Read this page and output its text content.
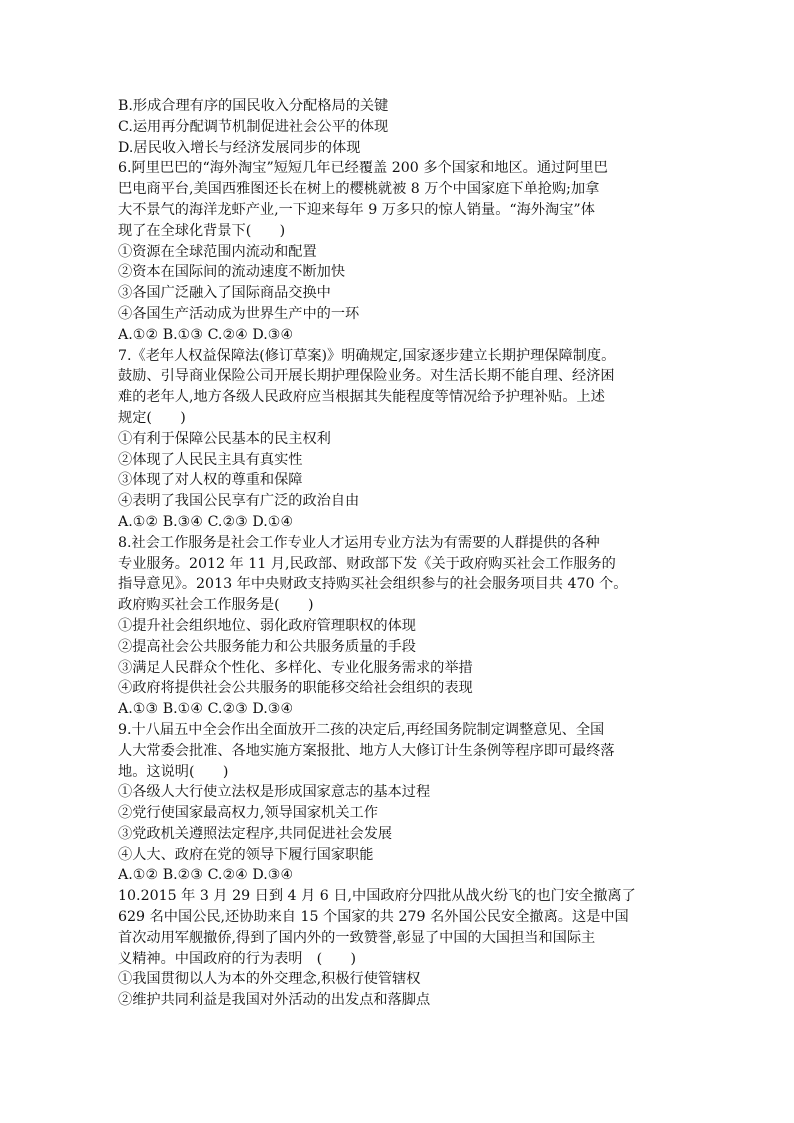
B.形成合理有序的国民收入分配格局的关键
C.运用再分配调节机制促进社会公平的体现
D.居民收入增长与经济发展同步的体现
6.阿里巴巴的“海外淘宝”短短几年已经覆盖 200 多个国家和地区。通过阿里巴
巴电商平台,美国西雅图还长在树上的樱桃就被 8 万个中国家庭下单抢购;加拿
大不景气的海洋龙虾产业,一下迎来每年 9 万多只的惊人销量。“海外淘宝”体
现了在全球化背景下(　　)
①资源在全球范围内流动和配置
②资本在国际间的流动速度不断加快
③各国广泛融入了国际商品交换中
④各国生产活动成为世界生产中的一环
A.①② B.①③ C.②④ D.③④
7.《老年人权益保障法(修订草案)》明确规定,国家逐步建立长期护理保障制度。
鼓励、引导商业保险公司开展长期护理保险业务。对生活长期不能自理、经济困
难的老年人,地方各级人民政府应当根据其失能程度等情况给予护理补贴。上述
规定(　　)
①有利于保障公民基本的民主权利
②体现了人民民主具有真实性
③体现了对人权的尊重和保障
④表明了我国公民享有广泛的政治自由
A.①② B.③④ C.②③ D.①④
8.社会工作服务是社会工作专业人才运用专业方法为有需要的人群提供的各种
专业服务。2012 年 11 月,民政部、财政部下发《关于政府购买社会工作服务的
指导意见》。2013 年中央财政支持购买社会组织参与的社会服务项目共 470 个。
政府购买社会工作服务是(　　)
①提升社会组织地位、弱化政府管理职权的体现
②提高社会公共服务能力和公共服务质量的手段
③满足人民群众个性化、多样化、专业化服务需求的举措
④政府将提供社会公共服务的职能移交给社会组织的表现
A.①③ B.①④ C.②③ D.③④
9.十八届五中全会作出全面放开二孩的决定后,再经国务院制定调整意见、全国
人大常委会批准、各地实施方案报批、地方人大修订计生条例等程序即可最终落
地。这说明(　　)
①各级人大行使立法权是形成国家意志的基本过程
②党行使国家最高权力,领导国家机关工作
③党政机关遵照法定程序,共同促进社会发展
④人大、政府在党的领导下履行国家职能
A.①② B.②③ C.②④ D.③④
10.2015 年 3 月 29 日到 4 月 6 日,中国政府分四批从战火纷飞的也门安全撤离了
629 名中国公民,还协助来自 15 个国家的共 279 名外国公民安全撤离。这是中国
首次动用军舰撤侨,得到了国内外的一致赞誉,彰显了中国的大国担当和国际主
义精神。中国政府的行为表明　(　　)
①我国贯彻以人为本的外交理念,积极行使管辖权
②维护共同利益是我国对外活动的出发点和落脚点
